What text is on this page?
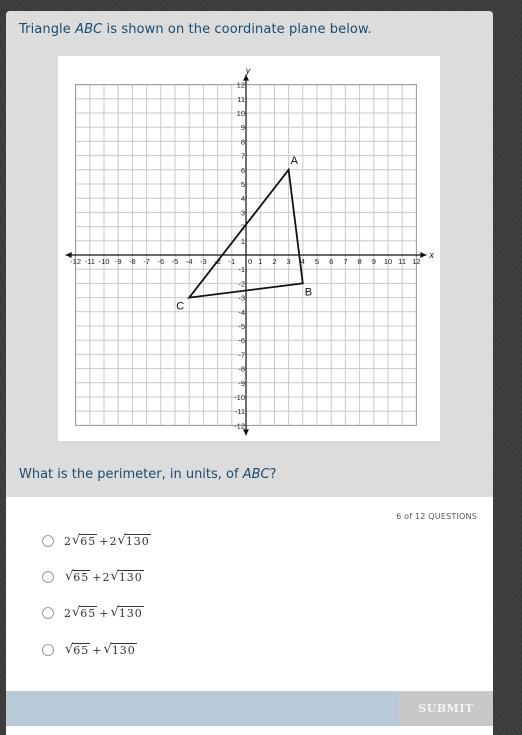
Triangle ABC is shown on the coordinate plane below.

x
y
-12 -11 -10 -9 -8 -7 -6 -5 -4 -3 -2 -1	1 2 3 4 5 6 7 8 9 10 11 12
0
-12
-11
-10
-9
-8
-7
-6
-5
-4
-3
-2
-1
1
2
3
4
5
6
7
8
9
10
11
12
A
B
C

What is the perimeter, in units, of ABC?

6 of 12 QUESTIONS
2 √ 65 + 2 √ 130
√ 65 + 2 √ 130
2 √ 65 + √ 130
√ 65 + √ 130
SUBMIT
